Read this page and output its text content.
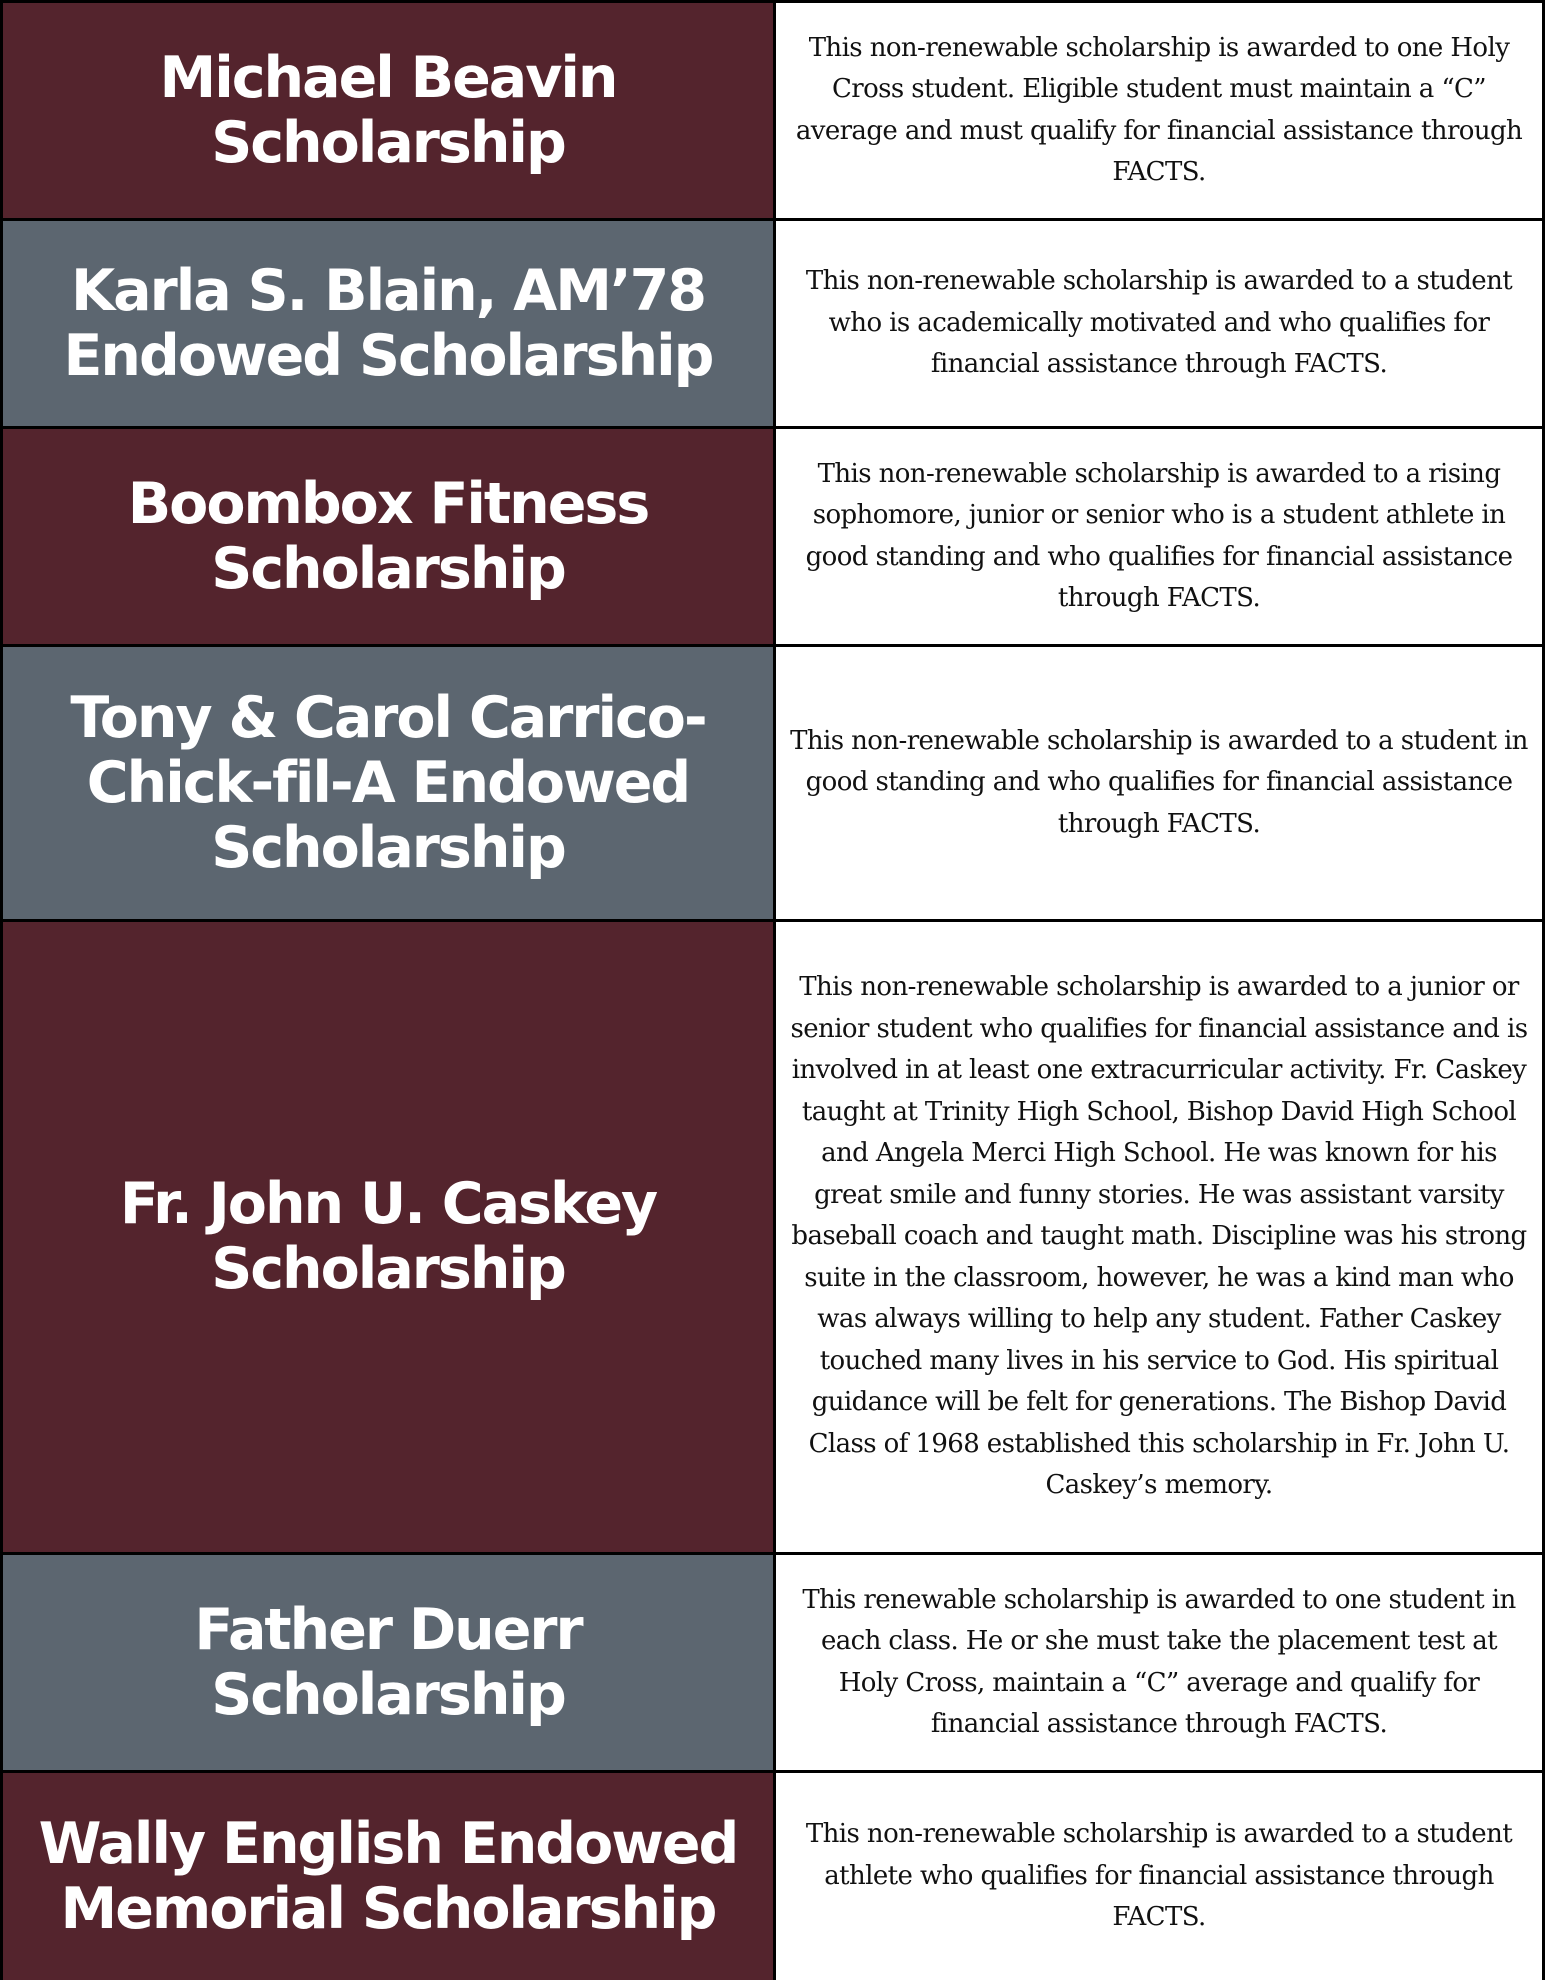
Michael Beavin
Scholarship
This non-renewable scholarship is awarded to one Holy Cross student. Eligible student must maintain a “C” average and must qualify for financial assistance through FACTS.
Karla S. Blain, AM’78
Endowed Scholarship
This non-renewable scholarship is awarded to a student who is academically motivated and who qualifies for financial assistance through FACTS.
Boombox Fitness
Scholarship
This non-renewable scholarship is awarded to a rising sophomore, junior or senior who is a student athlete in good standing and who qualifies for financial assistance through FACTS.
Tony & Carol Carrico-
Chick-fil-A Endowed
Scholarship
This non-renewable scholarship is awarded to a student in good standing and who qualifies for financial assistance through FACTS.
Fr. John U. Caskey
Scholarship
This non-renewable scholarship is awarded to a junior or senior student who qualifies for financial assistance and is involved in at least one extracurricular activity. Fr. Caskey taught at Trinity High School, Bishop David High School and Angela Merci High School. He was known for his great smile and funny stories. He was assistant varsity baseball coach and taught math. Discipline was his strong suite in the classroom, however, he was a kind man who was always willing to help any student. Father Caskey touched many lives in his service to God. His spiritual guidance will be felt for generations. The Bishop David Class of 1968 established this scholarship in Fr. John U. Caskey’s memory.
Father Duerr Scholarship
This renewable scholarship is awarded to one student in each class. He or she must take the placement test at Holy Cross, maintain a “C” average and qualify for financial assistance through FACTS.
Wally English Endowed
Memorial Scholarship
This non-renewable scholarship is awarded to a student athlete who qualifies for financial assistance through FACTS.
